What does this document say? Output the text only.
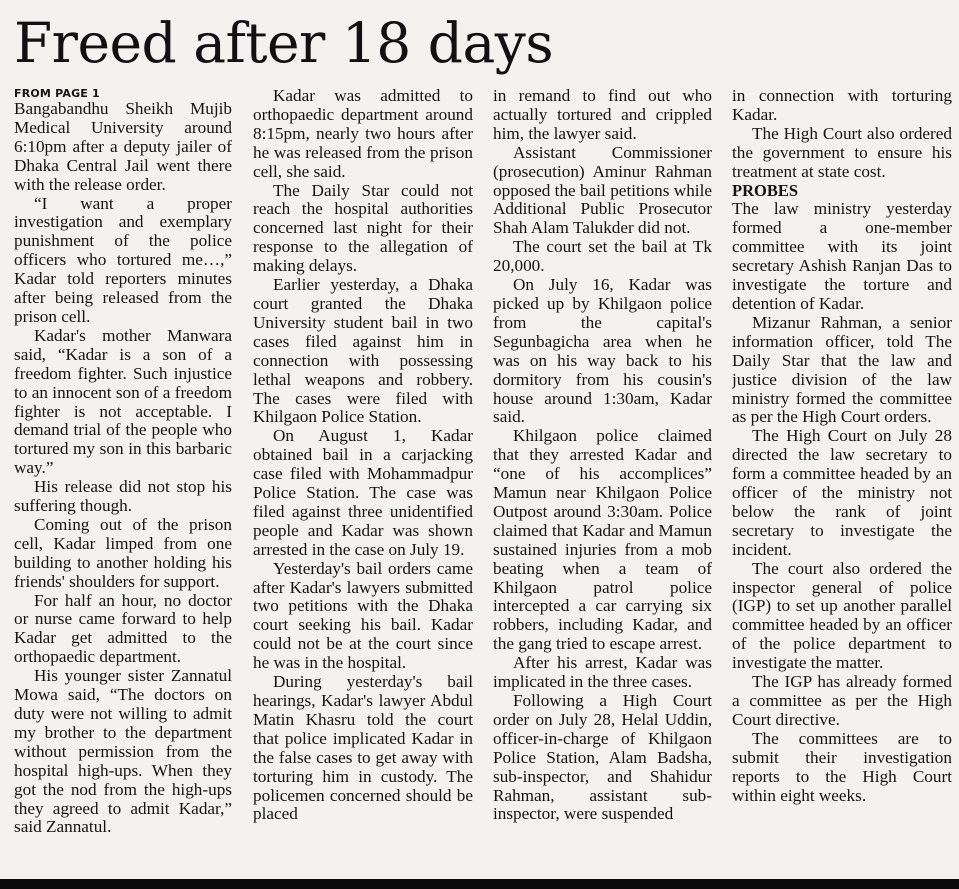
Freed after 18 days
FROM PAGE 1

Bangabandhu Sheikh Mujib Medical University around 6:10pm after a deputy jailer of Dhaka Central Jail went there with the release order.

“I want a proper investigation and exemplary punishment of the police officers who tortured me…,” Kadar told reporters minutes after being released from the prison cell.

Kadar's mother Manwara said, “Kadar is a son of a freedom fighter. Such injustice to an innocent son of a freedom fighter is not acceptable. I demand trial of the people who tortured my son in this barbaric way.”

His release did not stop his suffering though.

Coming out of the prison cell, Kadar limped from one building to another holding his friends' shoulders for support.

For half an hour, no doctor or nurse came forward to help Kadar get admitted to the orthopaedic department.

His younger sister Zannatul Mowa said, “The doctors on duty were not willing to admit my brother to the department without permission from the hospital high-ups. When they got the nod from the high-ups they agreed to admit Kadar,” said Zannatul.

Kadar was admitted to orthopaedic department around 8:15pm, nearly two hours after he was released from the prison cell, she said.

The Daily Star could not reach the hospital authorities concerned last night for their response to the allegation of making delays.

Earlier yesterday, a Dhaka court granted the Dhaka University student bail in two cases filed against him in connection with possessing lethal weapons and robbery. The cases were filed with Khilgaon Police Station.

On August 1, Kadar obtained bail in a carjacking case filed with Mohammadpur Police Station. The case was filed against three unidentified people and Kadar was shown arrested in the case on July 19.

Yesterday's bail orders came after Kadar's lawyers submitted two petitions with the Dhaka court seeking his bail. Kadar could not be at the court since he was in the hospital.

During yesterday's bail hearings, Kadar's lawyer Abdul Matin Khasru told the court that police implicated Kadar in the false cases to get away with torturing him in custody. The policemen concerned should be placed

in remand to find out who actually tortured and crippled him, the lawyer said.

Assistant Commissioner (prosecution) Aminur Rahman opposed the bail petitions while Additional Public Prosecutor Shah Alam Talukder did not.

The court set the bail at Tk 20,000.

On July 16, Kadar was picked up by Khilgaon police from the capital's Segunbagicha area when he was on his way back to his dormitory from his cousin's house around 1:30am, Kadar said.

Khilgaon police claimed that they arrested Kadar and “one of his accomplices” Mamun near Khilgaon Police Outpost around 3:30am. Police claimed that Kadar and Mamun sustained injuries from a mob beating when a team of Khilgaon patrol police intercepted a car carrying six robbers, including Kadar, and the gang tried to escape arrest.

After his arrest, Kadar was implicated in the three cases.

Following a High Court order on July 28, Helal Uddin, officer-in-charge of Khilgaon Police Station, Alam Badsha, sub-inspector, and Shahidur Rahman, assistant sub-inspector, were suspended

in connection with torturing Kadar.

The High Court also ordered the government to ensure his treatment at state cost.

PROBES

The law ministry yesterday formed a one-member committee with its joint secretary Ashish Ranjan Das to investigate the torture and detention of Kadar.

Mizanur Rahman, a senior information officer, told The Daily Star that the law and justice division of the law ministry formed the committee as per the High Court orders.

The High Court on July 28 directed the law secretary to form a committee headed by an officer of the ministry not below the rank of joint secretary to investigate the incident.

The court also ordered the inspector general of police (IGP) to set up another parallel committee headed by an officer of the police department to investigate the matter.

The IGP has already formed a committee as per the High Court directive.

The committees are to submit their investigation reports to the High Court within eight weeks.
